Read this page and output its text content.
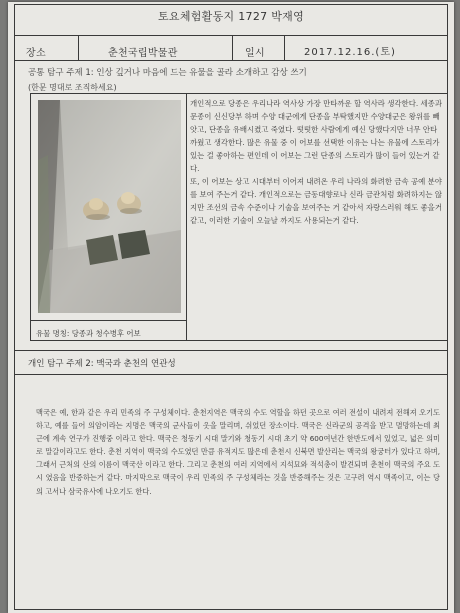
토요체험활동지 1727 박재영
장소	춘천국립박물관	일시	2017.12.16.(토)
공통 탐구 주제 1: 인상 깊거나 마음에 드는 유물을 골라 소개하고 감상 쓰기
(한문 명대로 조직하세요)
유물 명칭: 당종과 청수병후 어보

개인적으로 당종은 우리나라 역사상 가장 만타까운 할 역사라 생각한다. 세종과 문종이 신신당부 하며 수양 대군에게 단종을 부탁했지만 수양대군은 왕위를 빼앗고, 단종을 유배시켰고 죽였다. 떳떳한 사람에게 예신 당했다지만 너무 안타까웠고 생각한다. 많은 유물 중 이 어보를 선택한 이유는 나는 유물에 스토리가 있는 걸 좋아하는 편인데 이 어보는 그런 단종의 스토리가 많이 들어 있는거 같다.

또, 이 어보는 상고 시대부터 이어져 내려온 우리 나라의 화려한 금속 공예 분야를 보여 주는거 같다. 개인적으로는 금동대향로나 신라 금관처럼 화려하지는 않지만 조선의 금속 수준이나 기술을 보여주는 거 같아서 자랑스러워 해도 좋을거 같고, 이러한 기술이 오늘날 까지도 사용되는거 같다.

개인 탐구 주제 2: 맥국과 춘천의 연관성
맥국은 예, 한과 같은 우리 민족의 주 구성체이다. 춘천지역은 맥국의 수도 역할을 하던 곳으로 여러 전설이 내려져 전해져 오기도 하고, 예를 들어 의암이라는 지명은 맥국의 군사들이 옷을 말리며, 쉬었던 장소이다. 맥국은 신라군의 공격을 받고 멸망하는데 최근에 계속 연구가 진행중 이라고 한다. 맥국은 청동기 시대 말기와 청동기 시대 초기 약 600여년간 한반도에서 있었고, 넓은 의미로 말갈이라고도 한다. 춘천 지역이 맥국의 수도였던 만큼 유적지도 많은데 춘천시 신북면 발산리는 맥국의 왕궁터가 있다고 하며, 그래서 근처의 산의 이름이 맥국산 이라고 한다. 그리고 춘천의 여러 지역에서 지석묘와 적석총이 발견되며 춘천이 맥국의 주요 도시 였음을 반증하는거 같다. 마지막으로 맥국이 우리 민족의 주 구성체라는 것을 반증해주는 것은 고구려 역시 맥족이고, 이는 당의 고서나 삼국유사에 나오기도 한다.
